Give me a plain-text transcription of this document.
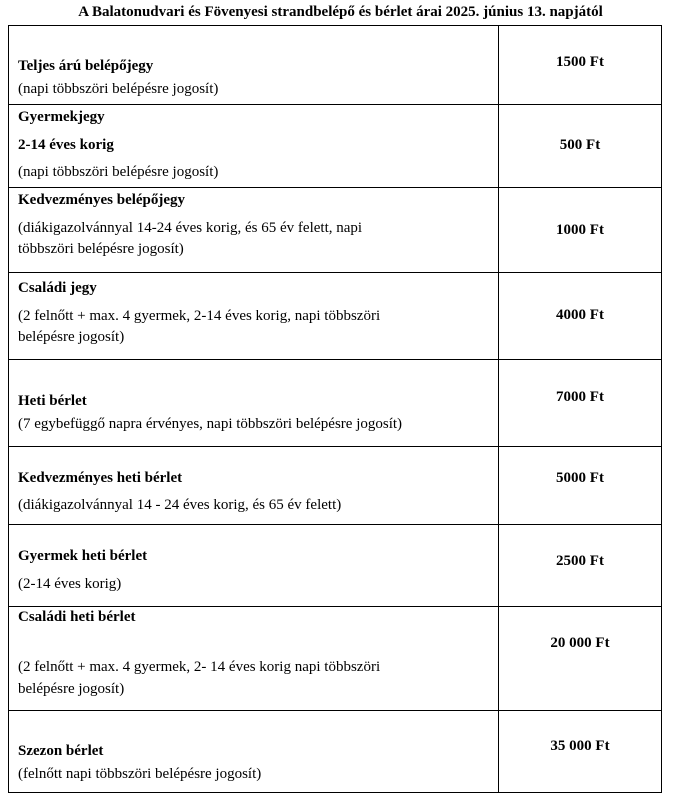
A Balatonudvari és Fövenyesi strandbelépő és bérlet árai 2025. június 13. napjától
Teljes árú belépőjegy
(napi többszöri belépésre jogosít)	1500 Ft

Gyermekjegy
2-14 éves korig
(napi többszöri belépésre jogosít)	500 Ft

Kedvezményes belépőjegy
(diákigazolvánnyal 14-24 éves korig, és 65 év felett, napi
többszöri belépésre jogosít)	1000 Ft

Családi jegy
(2 felnőtt + max. 4 gyermek, 2-14 éves korig, napi többszöri
belépésre jogosít)	4000 Ft

Heti bérlet
(7 egybefüggő napra érvényes, napi többszöri belépésre jogosít)	7000 Ft

Kedvezményes heti bérlet
(diákigazolvánnyal 14 - 24 éves korig, és 65 év felett)	5000 Ft

Gyermek heti bérlet
(2-14 éves korig)	2500 Ft

Családi heti bérlet
(2 felnőtt + max. 4 gyermek, 2- 14 éves korig napi többszöri
belépésre jogosít)	20 000 Ft

Szezon bérlet
(felnőtt napi többszöri belépésre jogosít)	35 000 Ft
